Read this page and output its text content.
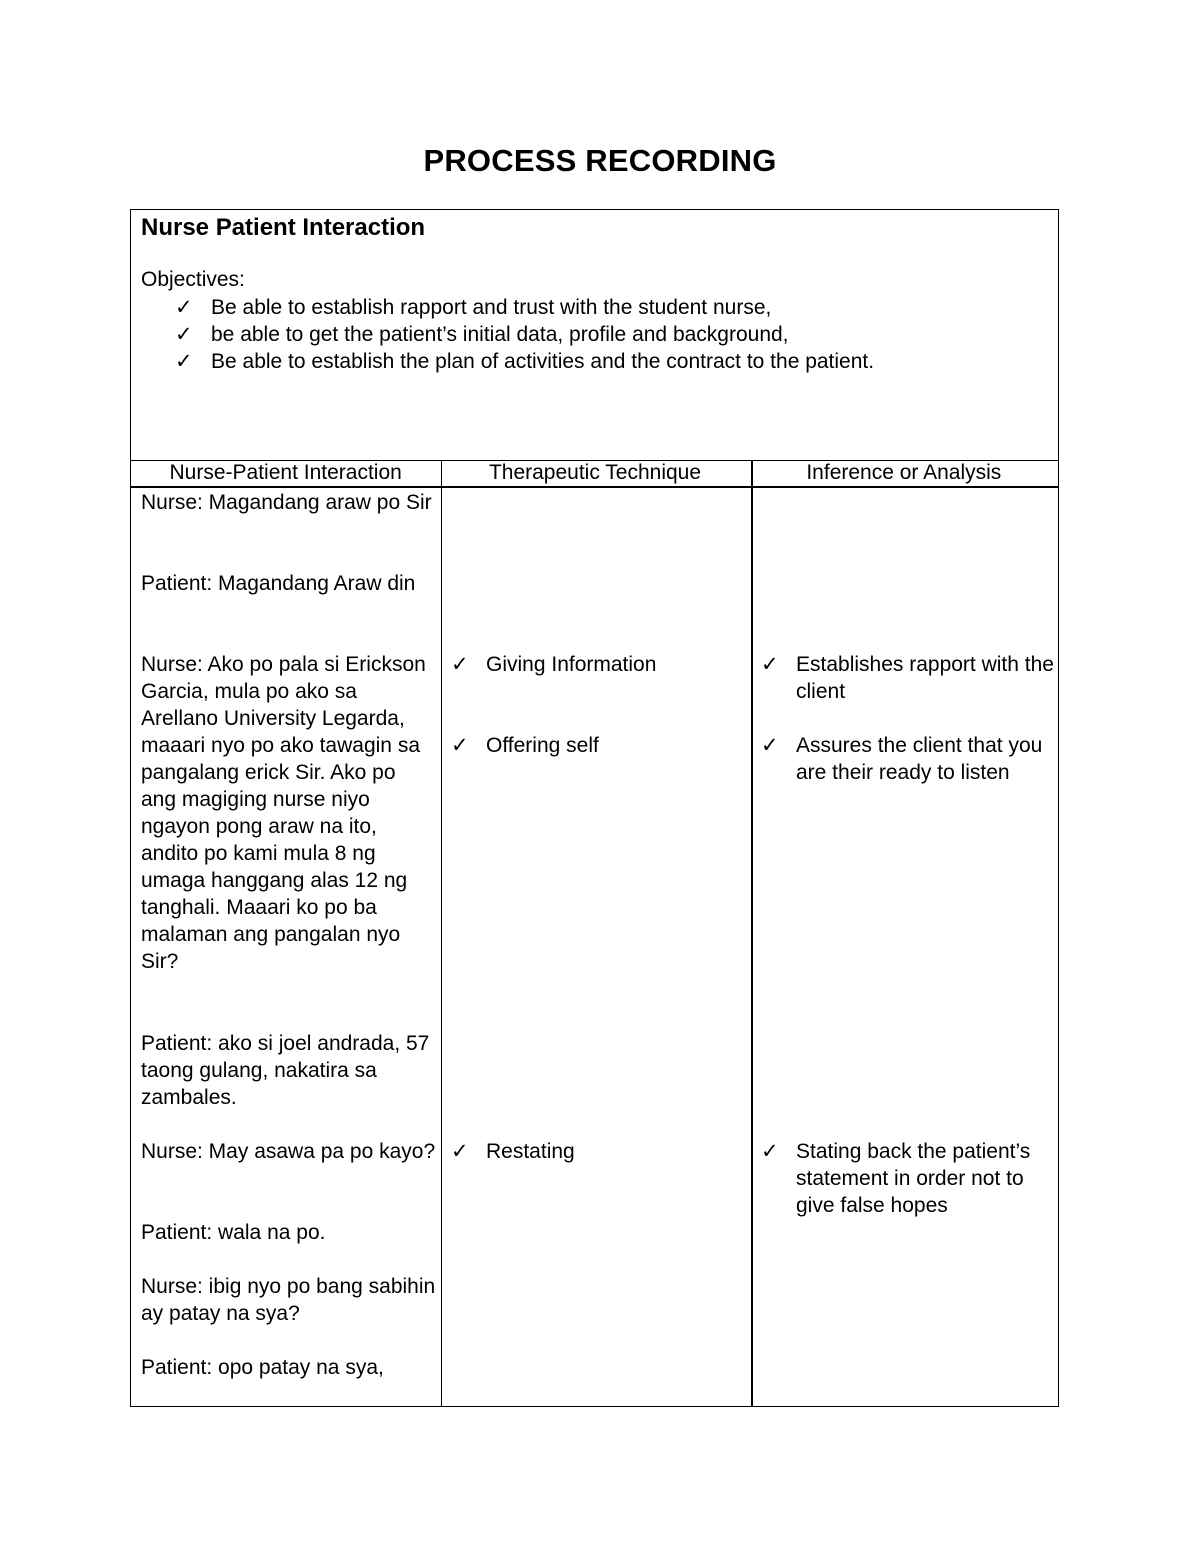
PROCESS RECORDING
Nurse Patient Interaction
Objectives:
✓ Be able to establish rapport and trust with the student nurse,
✓ be able to get the patient’s initial data, profile and background,
✓ Be able to establish the plan of activities and the contract to the patient.
Nurse-Patient Interaction	Therapeutic Technique	Inference or Analysis
Nurse: Magandang araw po Sir
Patient: Magandang Araw din
Nurse: Ako po pala si Erickson Garcia, mula po ako sa Arellano University Legarda, maaari nyo po ako tawagin sa pangalang erick Sir. Ako po ang magiging nurse niyo ngayon pong araw na ito, andito po kami mula 8 ng umaga hanggang alas 12 ng tanghali. Maaari ko po ba malaman ang pangalan nyo Sir?
Patient: ako si joel andrada, 57 taong gulang, nakatira sa zambales.
Nurse: May asawa pa po kayo?
Patient: wala na po.
Nurse: ibig nyo po bang sabihin ay patay na sya?
Patient: opo patay na sya,
✓ Giving Information
✓ Offering self
✓ Restating
✓ Establishes rapport with the client
✓ Assures the client that you are their ready to listen
✓ Stating back the patient’s statement in order not to give false hopes
